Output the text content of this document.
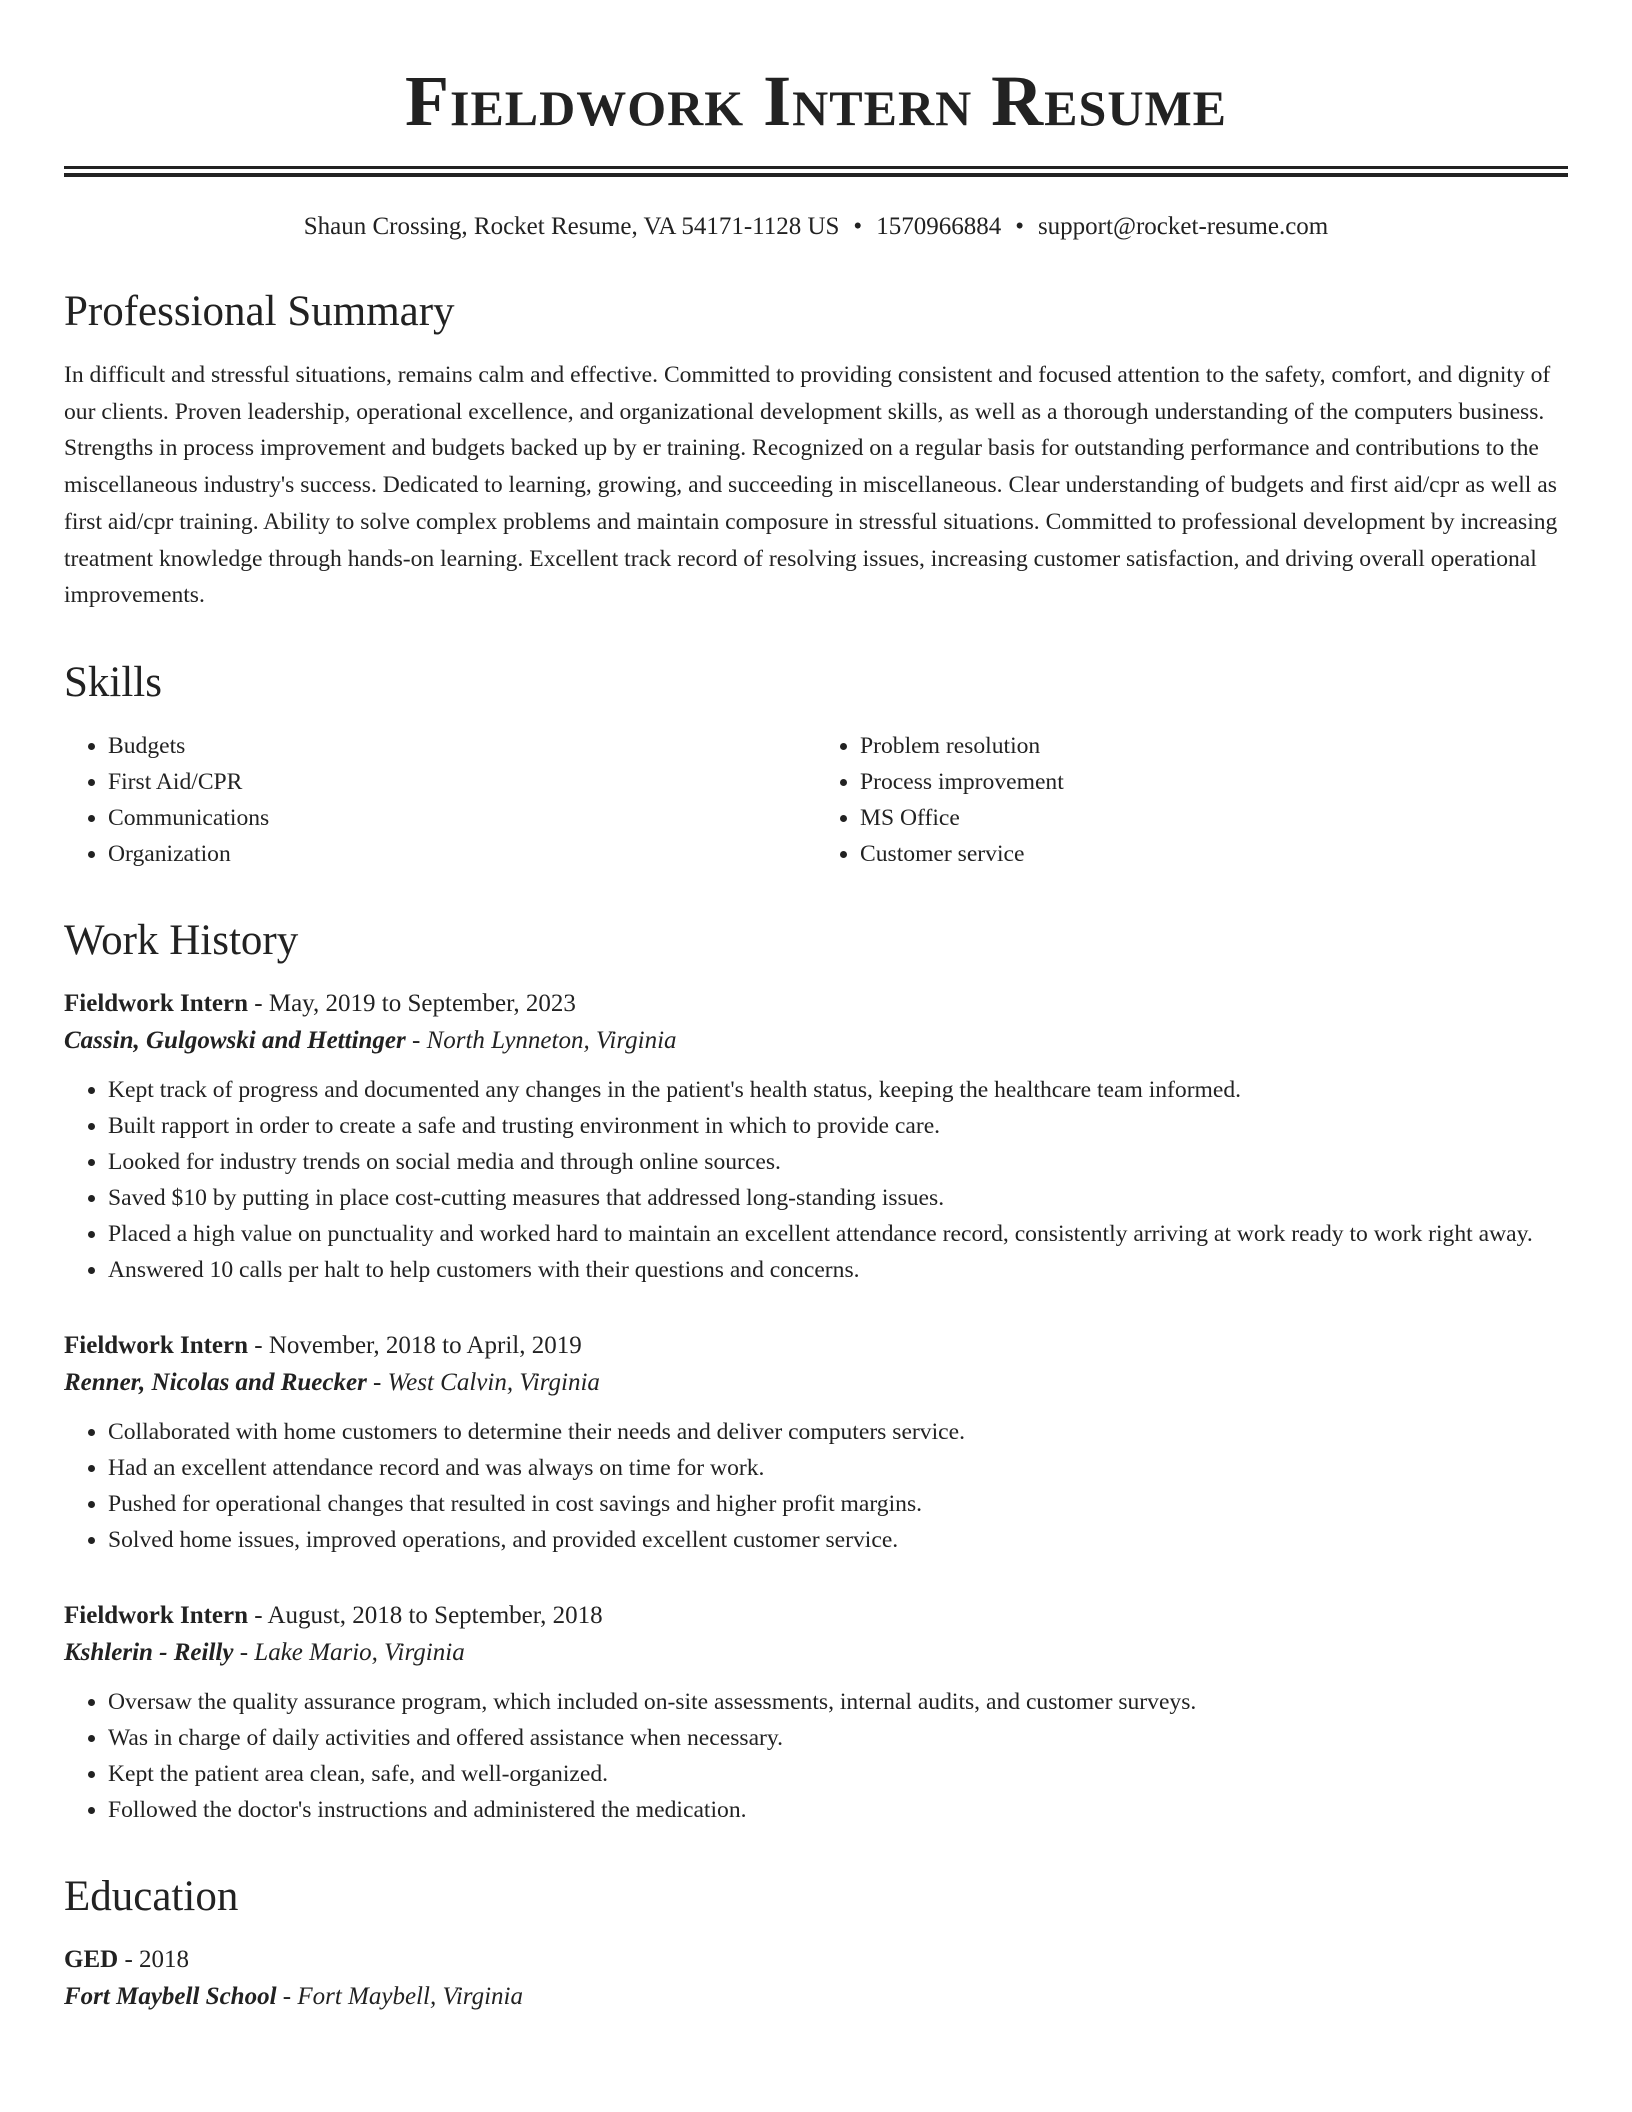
Fieldwork Intern Resume
Shaun Crossing, Rocket Resume, VA 54171-1128 US • 1570966884 • support@rocket-resume.com
Professional Summary

In difficult and stressful situations, remains calm and effective. Committed to providing consistent and focused attention to the safety, comfort, and dignity of our clients. Proven leadership, operational excellence, and organizational development skills, as well as a thorough understanding of the computers business. Strengths in process improvement and budgets backed up by er training. Recognized on a regular basis for outstanding performance and contributions to the miscellaneous industry's success. Dedicated to learning, growing, and succeeding in miscellaneous. Clear understanding of budgets and first aid/cpr as well as first aid/cpr training. Ability to solve complex problems and maintain composure in stressful situations. Committed to professional development by increasing treatment knowledge through hands-on learning. Excellent track record of resolving issues, increasing customer satisfaction, and driving overall operational improvements.

Skills
• Budgets
• First Aid/CPR
• Communications
• Organization
• Problem resolution
• Process improvement
• MS Office
• Customer service
Work History
Fieldwork Intern - May, 2019 to September, 2023
Cassin, Gulgowski and Hettinger - North Lynneton, Virginia
• Kept track of progress and documented any changes in the patient's health status, keeping the healthcare team informed.
• Built rapport in order to create a safe and trusting environment in which to provide care.
• Looked for industry trends on social media and through online sources.
• Saved $10 by putting in place cost-cutting measures that addressed long-standing issues.
• Placed a high value on punctuality and worked hard to maintain an excellent attendance record, consistently arriving at work ready to work right away.
• Answered 10 calls per halt to help customers with their questions and concerns.
Fieldwork Intern - November, 2018 to April, 2019
Renner, Nicolas and Ruecker - West Calvin, Virginia
• Collaborated with home customers to determine their needs and deliver computers service.
• Had an excellent attendance record and was always on time for work.
• Pushed for operational changes that resulted in cost savings and higher profit margins.
• Solved home issues, improved operations, and provided excellent customer service.
Fieldwork Intern - August, 2018 to September, 2018
Kshlerin - Reilly - Lake Mario, Virginia
• Oversaw the quality assurance program, which included on-site assessments, internal audits, and customer surveys.
• Was in charge of daily activities and offered assistance when necessary.
• Kept the patient area clean, safe, and well-organized.
• Followed the doctor's instructions and administered the medication.
Education
GED - 2018
Fort Maybell School - Fort Maybell, Virginia
